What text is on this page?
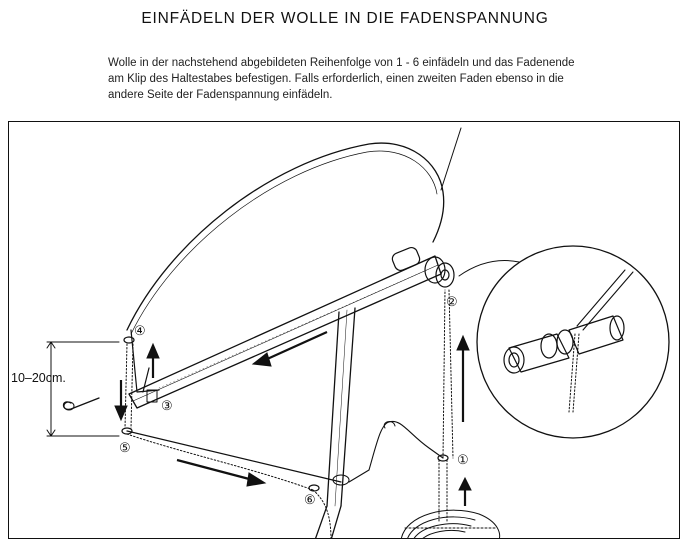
EINFÄDELN DER WOLLE IN DIE FADENSPANNUNG
Wolle in der nachstehend abgebildeten Reihenfolge von 1 - 6 einfädeln und das Fadenende
am Klip des Haltestabes befestigen. Falls erforderlich, einen zweiten Faden ebenso in die
andere Seite der Fadenspannung einfädeln.
①
②
③
④
⑤
⑥
10–20cm.
